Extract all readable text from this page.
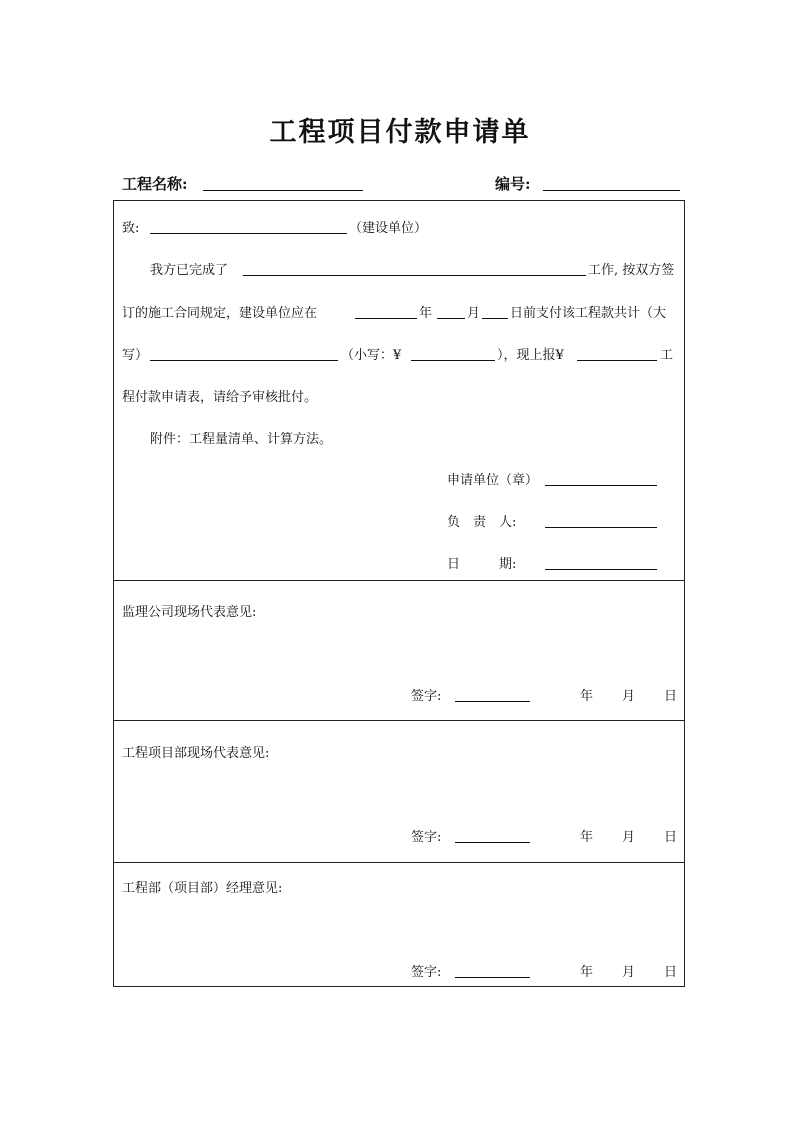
工程项目付款申请单
工程名称:	编号:
致:	（建设单位）
我方已完成了	工作, 按双方签
订的施工合同规定，建设单位应在	年	月 日前支付该工程款共计（大
写）	（小写：¥	），现上报¥	工
程付款申请表，请给予审核批付。
附件：工程量清单、计算方法。
申请单位（章）
负　责　人:
日　　　期:
监理公司现场代表意见:
签字:	年 月 日
工程项目部现场代表意见:
签字:	年 月 日
工程部（项目部）经理意见:
签字:	年 月 日
